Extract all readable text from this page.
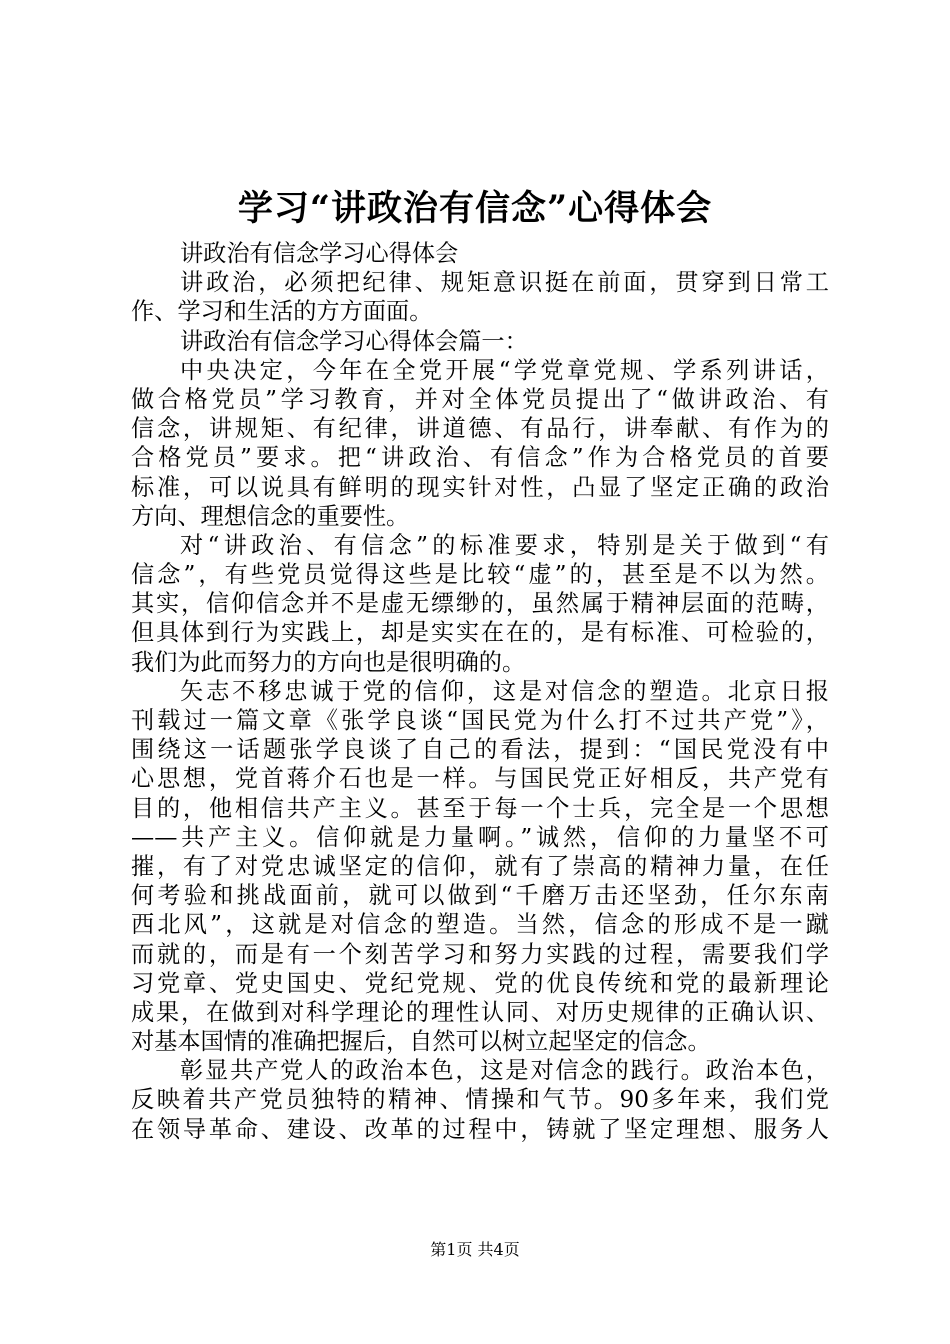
学习“讲政治有信念”心得体会
讲政治有信念学习心得体会
讲政治，必须把纪律、规矩意识挺在前面，贯穿到日常工
作、学习和生活的方方面面。
讲政治有信念学习心得体会篇一：
中央决定，今年在全党开展“学党章党规、学系列讲话，
做合格党员”学习教育，并对全体党员提出了“做讲政治、有
信念，讲规矩、有纪律，讲道德、有品行，讲奉献、有作为的
合格党员”要求。把“讲政治、有信念”作为合格党员的首要
标准，可以说具有鲜明的现实针对性，凸显了坚定正确的政治
方向、理想信念的重要性。
对“讲政治、有信念”的标准要求，特别是关于做到“有
信念”，有些党员觉得这些是比较“虚”的，甚至是不以为然。
其实，信仰信念并不是虚无缥缈的，虽然属于精神层面的范畴，
但具体到行为实践上，却是实实在在的，是有标准、可检验的，
我们为此而努力的方向也是很明确的。
矢志不移忠诚于党的信仰，这是对信念的塑造。北京日报
刊载过一篇文章《张学良谈“国民党为什么打不过共产党”》，
围绕这一话题张学良谈了自己的看法，提到：“国民党没有中
心思想，党首蒋介石也是一样。与国民党正好相反，共产党有
目的，他相信共产主义。甚至于每一个士兵，完全是一个思想
——共产主义。信仰就是力量啊。”诚然，信仰的力量坚不可
摧，有了对党忠诚坚定的信仰，就有了崇高的精神力量，在任
何考验和挑战面前，就可以做到“千磨万击还坚劲，任尔东南
西北风”，这就是对信念的塑造。当然，信念的形成不是一蹴
而就的，而是有一个刻苦学习和努力实践的过程，需要我们学
习党章、党史国史、党纪党规、党的优良传统和党的最新理论
成果，在做到对科学理论的理性认同、对历史规律的正确认识、
对基本国情的准确把握后，自然可以树立起坚定的信念。
彰显共产党人的政治本色，这是对信念的践行。政治本色，
反映着共产党员独特的精神、情操和气节。90多年来，我们党
在领导革命、建设、改革的过程中，铸就了坚定理想、服务人
第1页 共4页
